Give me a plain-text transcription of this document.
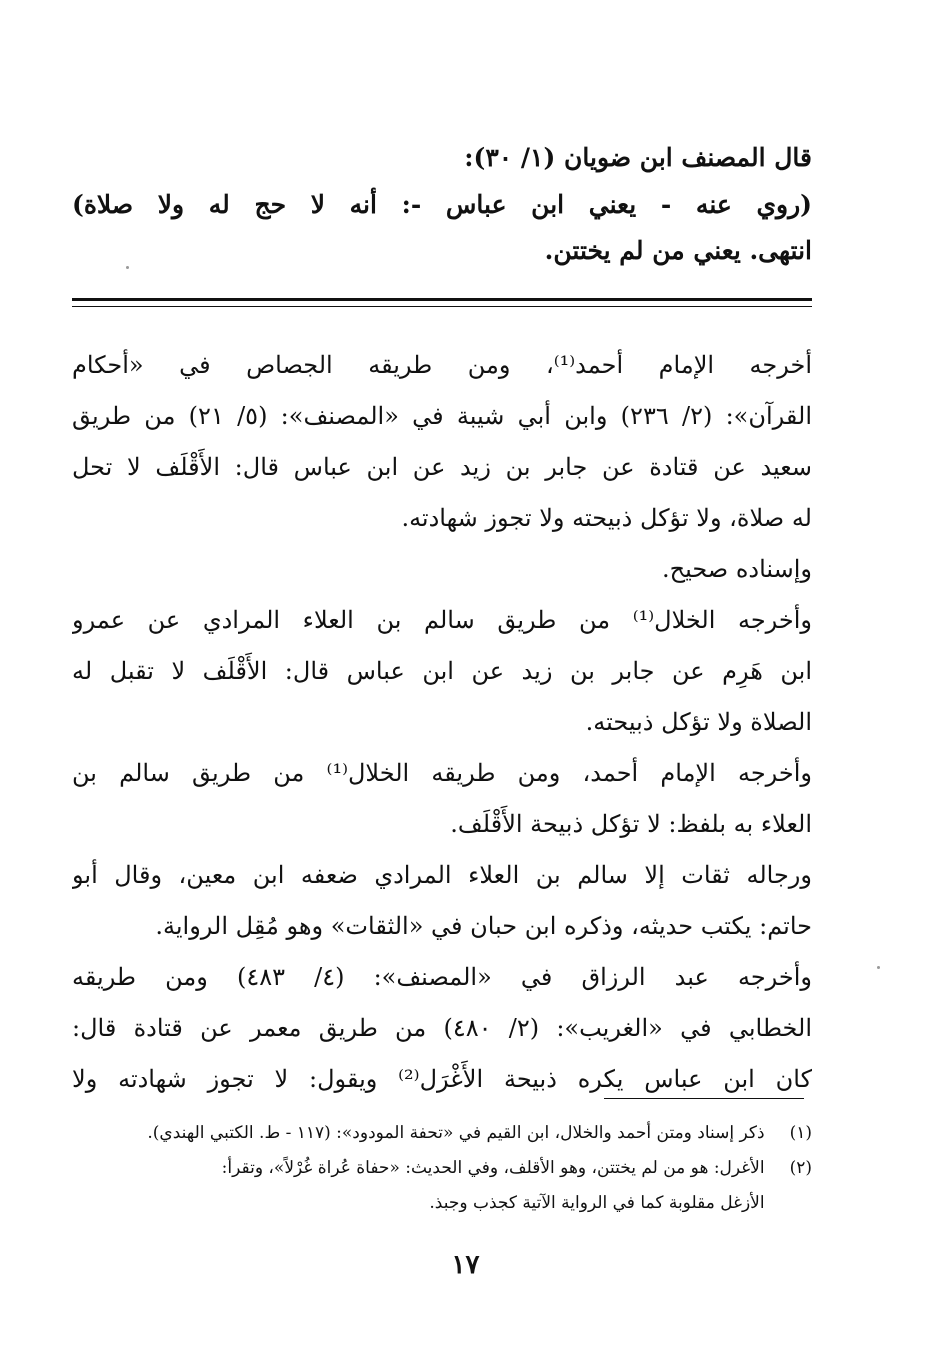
قال المصنف ابن ضويان (١/ ٣٠):
(روي عنه - يعني ابن عباس -: أنه لا حج له ولا صلاة)
انتهى. يعني من لم يختتن.
أخرجه الإمام أحمد⁽¹⁾، ومن طريقه الجصاص في «أحكام
القرآن»: (٢/ ٢٣٦) وابن أبي شيبة في «المصنف»: (٥/ ٢١) من طريق
سعيد عن قتادة عن جابر بن زيد عن ابن عباس قال: الأَقْلَف لا تحل
له صلاة، ولا تؤكل ذبيحته ولا تجوز شهادته.
وإسناده صحيح.
وأخرجه الخلال⁽¹⁾ من طريق سالم بن العلاء المرادي عن عمرو
ابن هَرِم عن جابر بن زيد عن ابن عباس قال: الأَقْلَف لا تقبل له
الصلاة ولا تؤكل ذبيحته.
وأخرجه الإمام أحمد، ومن طريقه الخلال⁽¹⁾ من طريق سالم بن
العلاء به بلفظ: لا تؤكل ذبيحة الأَقْلَف.
ورجاله ثقات إلا سالم بن العلاء المرادي ضعفه ابن معين، وقال أبو
حاتم: يكتب حديثه، وذكره ابن حبان في «الثقات» وهو مُقِل الرواية.
وأخرجه عبد الرزاق في «المصنف»: (٤/ ٤٨٣) ومن طريقه
الخطابي في «الغريب»: (٢/ ٤٨٠) من طريق معمر عن قتادة قال:
كان ابن عباس يكره ذبيحة الأَغْرَل⁽²⁾ ويقول: لا تجوز شهادته ولا
(١) ذكر إسناد ومتن أحمد والخلال، ابن القيم في «تحفة المودود»: (١١٧ - ط. الكتبي الهندي).
(٢) الأغرل: هو من لم يختتن، وهو الأقلف، وفي الحديث: «حفاة عُراة غُرْلاً»، وتقرأ:
الأزغل مقلوبة كما في الرواية الآتية كجذب وجبذ.
١٧
